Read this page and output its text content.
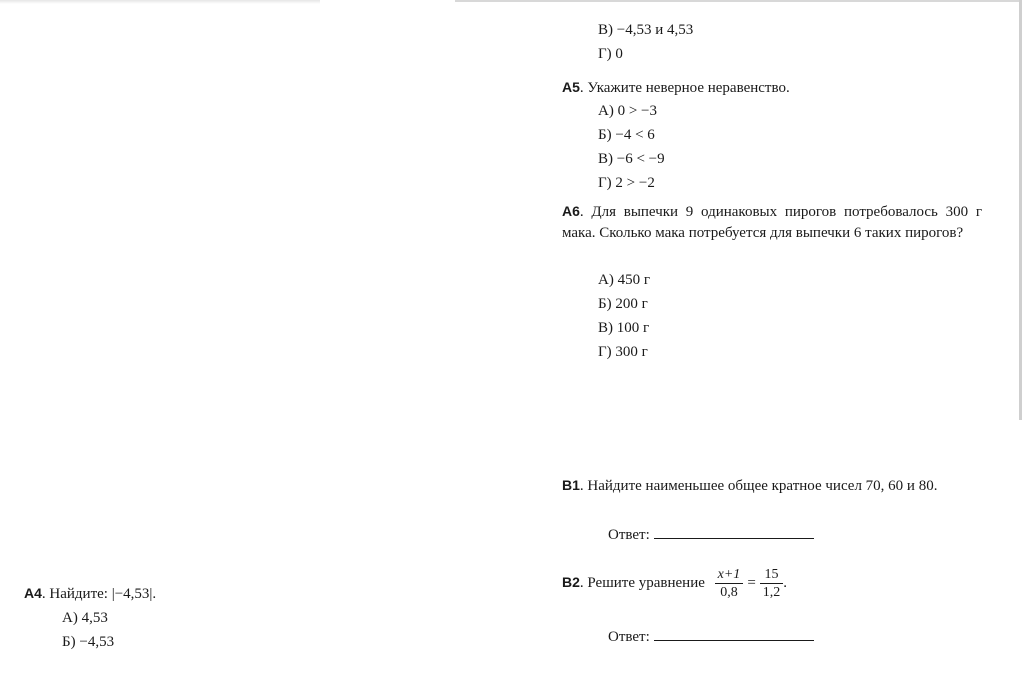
В) −4,53 и 4,53
Г) 0
A5. Укажите неверное неравенство.
А) 0 > −3
Б) −4 < 6
В) −6 < −9
Г) 2 > −2
A6. Для выпечки 9 одинаковых пирогов потребовалось 300 г мака. Сколько мака потребуется для выпечки 6 таких пирогов?
А) 450 г
Б) 200 г
В) 100 г
Г) 300 г
B1. Найдите наименьшее общее кратное чисел 70, 60 и 80.
Ответ:
B2. Решите уравнение $\frac{x+1}{0,8} = \frac{15}{1,2}$ .
Ответ:
A4. Найдите: |−4,53|.
А) 4,53
Б) −4,53
